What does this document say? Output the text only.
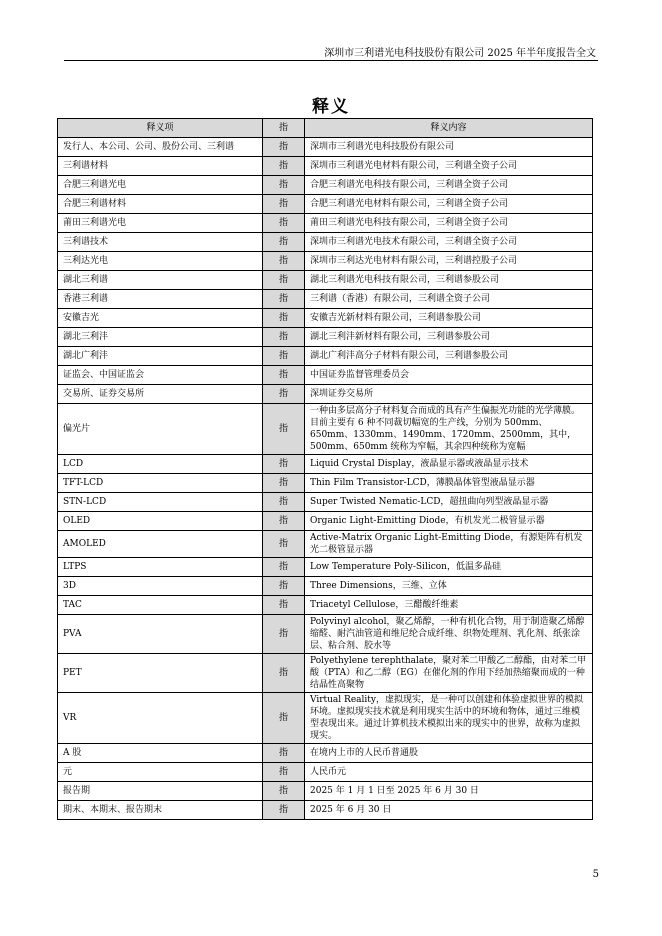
深圳市三利谱光电科技股份有限公司 2025 年半年度报告全文
释义
释义项	指	释义内容
发行人、本公司、公司、股份公司、三利谱	指	深圳市三利谱光电科技股份有限公司
三利谱材料	指	深圳市三利谱光电材料有限公司，三利谱全资子公司
合肥三利谱光电	指	合肥三利谱光电科技有限公司，三利谱全资子公司
合肥三利谱材料	指	合肥三利谱光电材料有限公司，三利谱全资子公司
莆田三利谱光电	指	莆田三利谱光电科技有限公司，三利谱全资子公司
三利谱技术	指	深圳市三利谱光电技术有限公司，三利谱全资子公司
三利达光电	指	深圳市三利达光电材料有限公司，三利谱控股子公司
湖北三利谱	指	湖北三利谱光电科技有限公司，三利谱参股公司
香港三利谱	指	三利谱（香港）有限公司，三利谱全资子公司
安徽吉光	指	安徽吉光新材料有限公司，三利谱参股公司
湖北三利沣	指	湖北三利沣新材料有限公司，三利谱参股公司
湖北广利沣	指	湖北广利沣高分子材料有限公司，三利谱参股公司
证监会、中国证监会	指	中国证券监督管理委员会
交易所、证券交易所	指	深圳证券交易所
偏光片	指	一种由多层高分子材料复合而成的具有产生偏振光功能的光学薄膜。目前主要有 6 种不同裁切幅宽的生产线，分别为 500mm、650mm、1330mm、1490mm、1720mm、2500mm，其中，500mm、650mm 统称为窄幅，其余四种统称为宽幅
LCD	指	Liquid Crystal Display，液晶显示器或液晶显示技术
TFT-LCD	指	Thin Film Transistor-LCD，薄膜晶体管型液晶显示器
STN-LCD	指	Super Twisted Nematic-LCD，超扭曲向列型液晶显示器
OLED	指	Organic Light-Emitting Diode，有机发光二极管显示器
AMOLED	指	Active-Matrix Organic Light-Emitting Diode，有源矩阵有机发光二极管显示器
LTPS	指	Low Temperature Poly-Silicon，低温多晶硅
3D	指	Three Dimensions，三维、立体
TAC	指	Triacetyl Cellulose，三醋酸纤维素
PVA	指	Polyvinyl alcohol，聚乙烯醇，一种有机化合物，用于制造聚乙烯醇缩醛、耐汽油管道和维尼纶合成纤维、织物处理剂、乳化剂、纸张涂层、粘合剂、胶水等
PET	指	Polyethylene terephthalate，聚对苯二甲酸乙二醇酯，由对苯二甲酸（PTA）和乙二醇（EG）在催化剂的作用下经加热缩聚而成的一种结晶性高聚物
VR	指	Virtual Reality，虚拟现实，是一种可以创建和体验虚拟世界的模拟环境。虚拟现实技术就是利用现实生活中的环境和物体，通过三维模型表现出来。通过计算机技术模拟出来的现实中的世界，故称为虚拟现实。
A 股	指	在境内上市的人民币普通股
元	指	人民币元
报告期	指	2025 年 1 月 1 日至 2025 年 6 月 30 日
期末、本期末、报告期末	指	2025 年 6 月 30 日
5
